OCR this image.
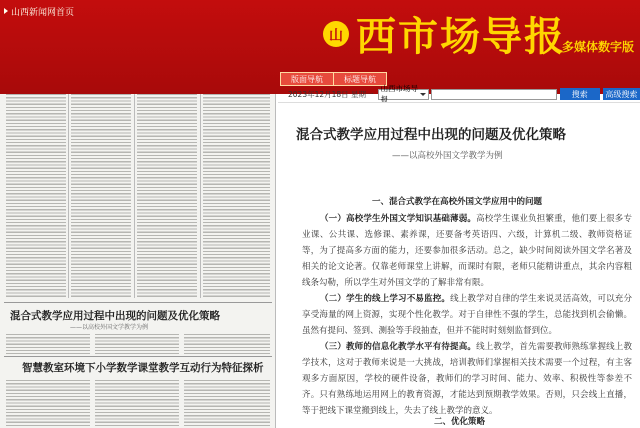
混合式教学应用过程中出现的问题及优化策略
——以高校外国文学教学为例
智慧教室环境下小学数学课堂教学互动行为特征探析
山西新闻网首页
山 西市场导报
多媒体数字版
版面导航	标题导航
2023年12月18日 星期一
山西市场导报
搜索	高级搜索
混合式教学应用过程中出现的问题及优化策略
——以高校外国文学教学为例
一、混合式教学在高校外国文学应用中的问题

（一）高校学生外国文学知识基础薄弱。高校学生课业负担繁重，他们要上很多专业课、公共课、选修课、素养课，还要备考英语四、六级，计算机二级、教师资格证等，为了提高多方面的能力，还要参加很多活动。总之，缺少时间阅读外国文学名著及相关的论文论著。仅靠老师课堂上讲解，而课时有限，老师只能精讲重点，其余内容粗线条勾勒，所以学生对外国文学的了解非常有限。

（二）学生的线上学习不易监控。线上教学对自律的学生来说灵活高效，可以充分享受海量的网上资源，实现个性化教学。对于自律性不强的学生，总能找到机会偷懒。虽然有提问、签到、测验等手段抽查，但并不能时时刻刻监督到位。

（三）教师的信息化教学水平有待提高。线上教学，首先需要教师熟练掌握线上教学技术，这对于教师来说是一大挑战，培训教师们掌握相关技术需要一个过程，有主客观多方面原因，学校的硬件设备，教师们的学习时间、能力、效率、积极性等参差不齐。只有熟练地运用网上的教育资源，才能达到预期教学效果。否则，只会线上直播，等于把线下课堂搬到线上，失去了线上教学的意义。

二、优化策略
